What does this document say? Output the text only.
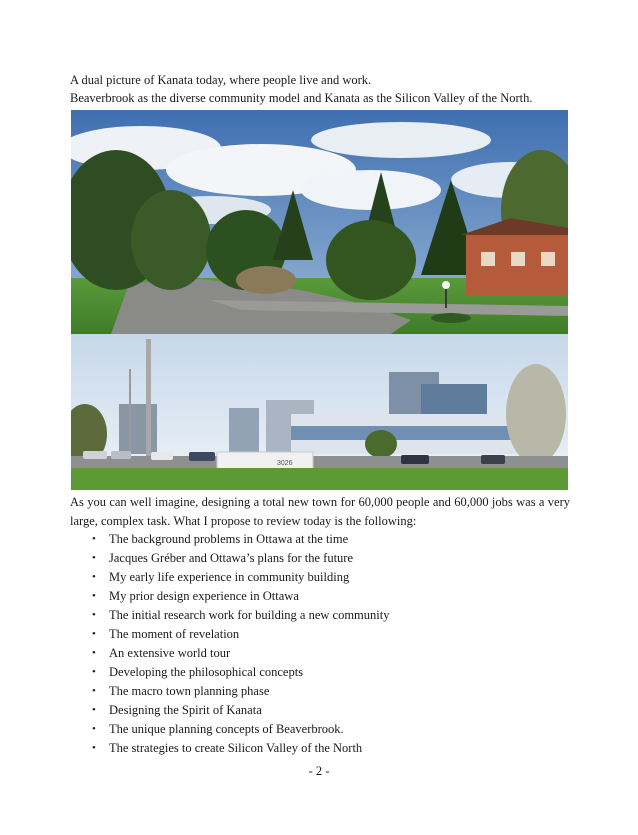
A dual picture of Kanata today, where people live and work.
Beaverbrook as the diverse community model and Kanata as the Silicon Valley of the North.
3026
As you can well imagine, designing a total new town for 60,000 people and 60,000 jobs was a very large, complex task. What I propose to review today is the following:
• The background problems in Ottawa at the time
• Jacques Gréber and Ottawa’s plans for the future
• My early life experience in community building
• My prior design experience in Ottawa
• The initial research work for building a new community
• The moment of revelation
• An extensive world tour
• Developing the philosophical concepts
• The macro town planning phase
• Designing the Spirit of Kanata
• The unique planning concepts of Beaverbrook.
• The strategies to create Silicon Valley of the North
- 2 -
